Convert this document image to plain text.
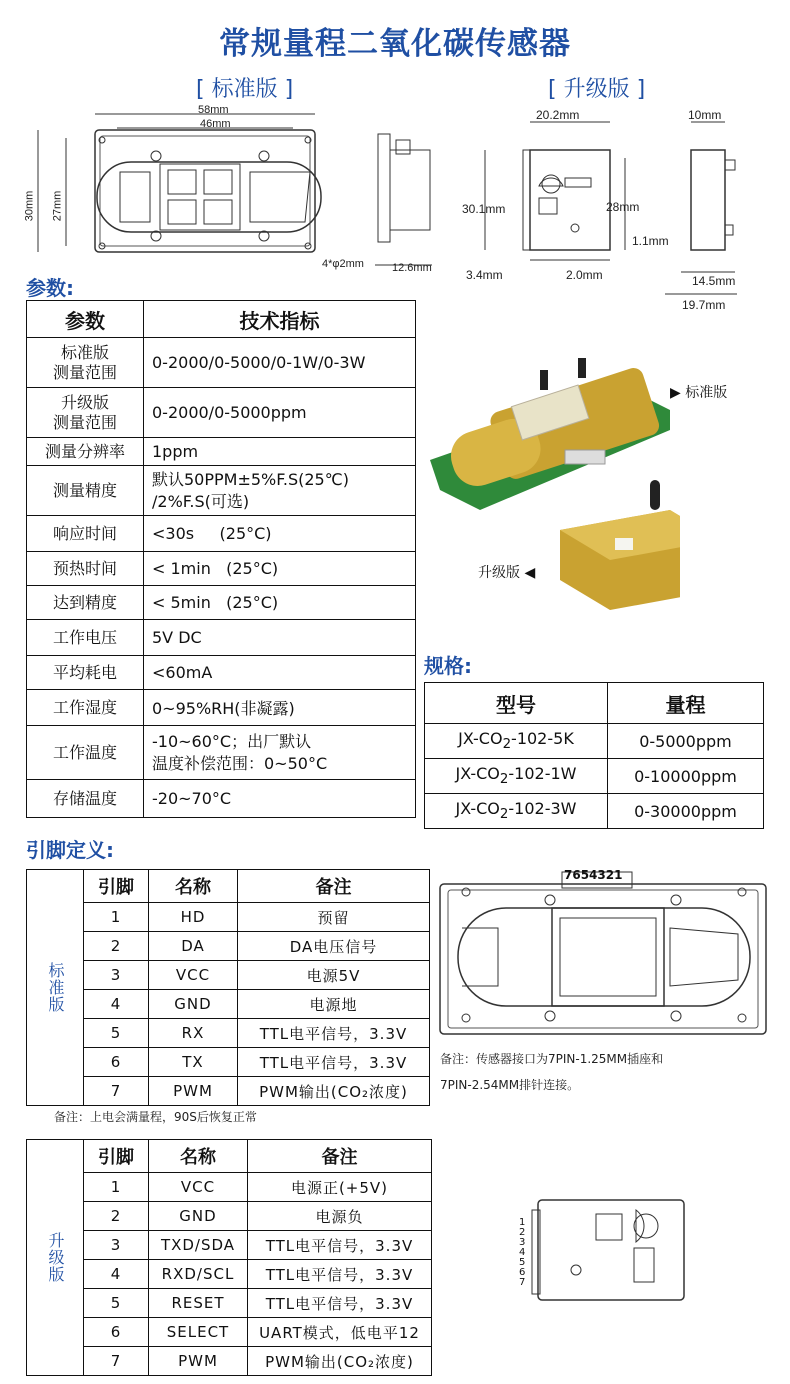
常规量程二氧化碳传感器
[ 标准版 ]	[ 升级版 ]
58mm
46mm
30mm 27mm
4*φ2mm	12.6mm
20.2mm
30.1mm	28mm
1.1mm
3.4mm	2.0mm
10mm
14.5mm
19.7mm
参数:
参数	技术指标
标准版
测量范围	0-2000/0-5000/0-1W/0-3W
升级版
测量范围	0-2000/0-5000ppm
测量分辨率	1ppm
测量精度	默认50PPM±5%F.S(25℃)
/2%F.S(可选)
响应时间	<30s     (25°C)
预热时间	< 1min   (25°C)
达到精度	< 5min   (25°C)
工作电压	5V DC
平均耗电	<60mA
工作湿度	0~95%RH(非凝露)
工作温度	-10~60°C；出厂默认
温度补偿范围：0~50°C
存储温度	-20~70°C
▶ 标准版
升级版 ◀
规格:
型号	量程
$JX-CO_2-102-5K$	0-5000ppm
$JX-CO_2-102-1W$	0-10000ppm
$JX-CO_2-102-3W$	0-30000ppm
引脚定义:
标准版	引脚	名称	备注
	1	HD	预留
	2	DA	DA电压信号
	3	VCC	电源5V
	4	GND	电源地
	5	RX	TTL电平信号，3.3V
	6	TX	TTL电平信号，3.3V
	7	PWM	PWM输出(CO₂浓度)
7654321
备注：传感器接口为7PIN-1.25MM插座和
7PIN-2.54MM排针连接。
备注：上电会满量程，90S后恢复正常
升级版	引脚	名称	备注
	1	VCC	电源正(+5V)
	2	GND	电源负
	3	TXD/SDA	TTL电平信号，3.3V
	4	RXD/SCL	TTL电平信号，3.3V
	5	RESET	TTL电平信号，3.3V
	6	SELECT	UART模式，低电平12
	7	PWM	PWM输出(CO₂浓度)
1
2
3
4
5
6
7
